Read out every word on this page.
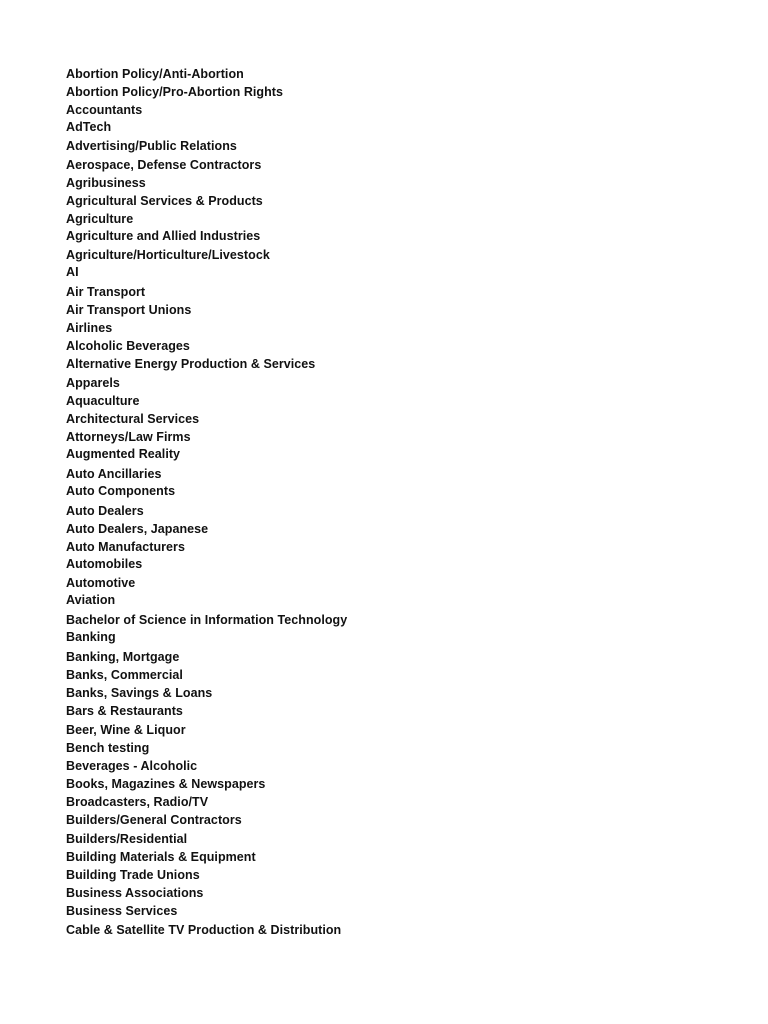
Abortion Policy/Anti-Abortion
Abortion Policy/Pro-Abortion Rights
Accountants
AdTech
Advertising/Public Relations
Aerospace, Defense Contractors
Agribusiness
Agricultural Services & Products
Agriculture
Agriculture and Allied Industries
Agriculture/Horticulture/Livestock
AI
Air Transport
Air Transport Unions
Airlines
Alcoholic Beverages
Alternative Energy Production & Services
Apparels
Aquaculture
Architectural Services
Attorneys/Law Firms
Augmented Reality
Auto Ancillaries
Auto Components
Auto Dealers
Auto Dealers, Japanese
Auto Manufacturers
Automobiles
Automotive
Aviation
Bachelor of Science in Information Technology
Banking
Banking, Mortgage
Banks, Commercial
Banks, Savings & Loans
Bars & Restaurants
Beer, Wine & Liquor
Bench testing
Beverages - Alcoholic
Books, Magazines & Newspapers
Broadcasters, Radio/TV
Builders/General Contractors
Builders/Residential
Building Materials & Equipment
Building Trade Unions
Business Associations
Business Services
Cable & Satellite TV Production & Distribution
